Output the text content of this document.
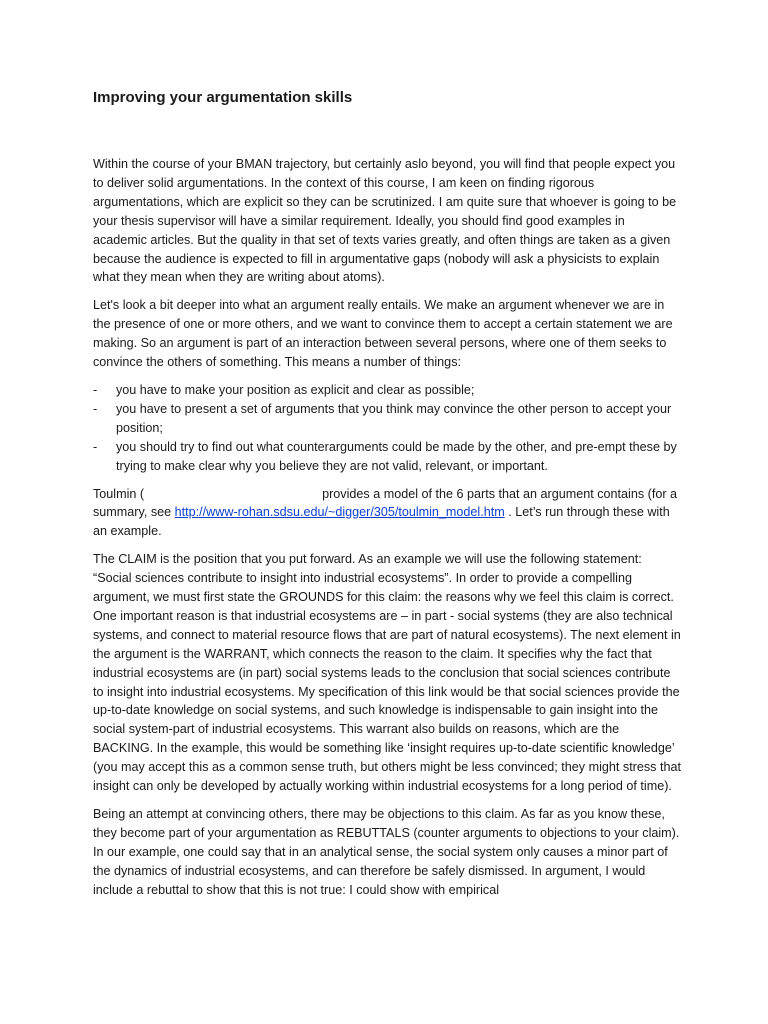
Improving your argumentation skills

Within the course of your BMAN trajectory, but certainly aslo beyond, you will find that people expect you to deliver solid argumentations. In the context of this course, I am keen on finding rigorous argumentations, which are explicit so they can be scrutinized. I am quite sure that whoever is going to be your thesis supervisor will have a similar requirement. Ideally, you should find good examples in academic articles. But the quality in that set of texts varies greatly, and often things are taken as a given because the audience is expected to fill in argumentative gaps (nobody will ask a physicists to explain what they mean when they are writing about atoms).

Let's look a bit deeper into what an argument really entails. We make an argument whenever we are in the presence of one or more others, and we want to convince them to accept a certain statement we are making. So an argument is part of an interaction between several persons, where one of them seeks to convince the others of something. This means a number of things:

- you have to make your position as explicit and clear as possible;
- you have to present a set of arguments that you think may convince the other person to accept your position;
- you should try to find out what counterarguments could be made by the other, and pre-empt these by trying to make clear why you believe they are not valid, relevant, or important.

Toulmin (	provides a model of the 6 parts that an argument contains (for a summary, see http://www-rohan.sdsu.edu/~digger/305/toulmin_model.htm . Let’s run through these with an example.

The CLAIM is the position that you put forward. As an example we will use the following statement: “Social sciences contribute to insight into industrial ecosystems”. In order to provide a compelling argument, we must first state the GROUNDS for this claim: the reasons why we feel this claim is correct. One important reason is that industrial ecosystems are – in part - social systems (they are also technical systems, and connect to material resource flows that are part of natural ecosystems). The next element in the argument is the WARRANT, which connects the reason to the claim. It specifies why the fact that industrial ecosystems are (in part) social systems leads to the conclusion that social sciences contribute to insight into industrial ecosystems. My specification of this link would be that social sciences provide the up-to-date knowledge on social systems, and such knowledge is indispensable to gain insight into the social system-part of industrial ecosystems. This warrant also builds on reasons, which are the BACKING. In the example, this would be something like ‘insight requires up-to-date scientific knowledge’ (you may accept this as a common sense truth, but others might be less convinced; they might stress that insight can only be developed by actually working within industrial ecosystems for a long period of time).

Being an attempt at convincing others, there may be objections to this claim. As far as you know these, they become part of your argumentation as REBUTTALS (counter arguments to objections to your claim). In our example, one could say that in an analytical sense, the social system only causes a minor part of the dynamics of industrial ecosystems, and can therefore be safely dismissed. In argument, I would include a rebuttal to show that this is not true: I could show with empirical
